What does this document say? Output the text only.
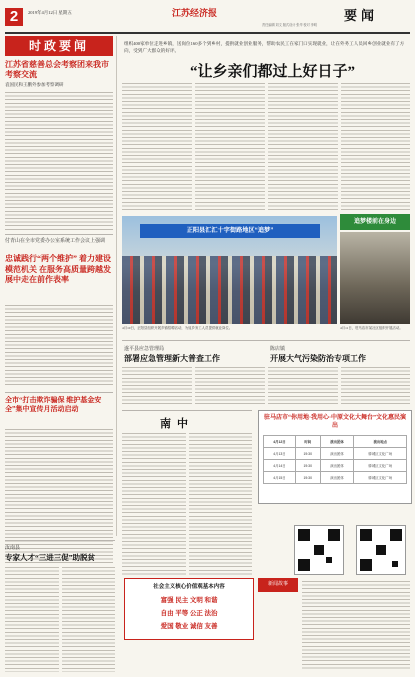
2	2019年4月12日 星期五	江苏经济报	要闻
责任编辑 刘文 版式设计 张华 校对 李明
时政要闻
江苏省慈善总会考察团来我市考察交流
袁国民和王鹏外参加考察调研
付青山在全市党委办公室系统工作会议上强调
忠诚践行“两个维护” 着力建设模范机关 在服务高质量跨越发展中走在前作表率
全市“打击欺诈骗保 维护基金安全”集中宣传月活动启动
组织400家单位走进乡镇，送岗位160多个到乡村，提供就业创业服务，帮助农民工在家门口实现就业，让在外务工人员回乡创业就业有了方向，受到广大群众的好评。
“让乡亲们都过上好日子”
追梦楼前在身边
正阳县汇汇十字街路地区“追梦”
4月10日，正阳县组织开展乡镇招聘活动，为返乡务工人员提供就业岗位。	4月11日，驻马店市某社区组织开展活动。
遂平县应急管理局
部署应急管理新大普查工作
陈店镇
开展大气污染防治专项工作
南中	驻马店市“你用地·我用心·中原文化大舞台”文化惠民演出
4月12日	时间	演出团体	演出地点
4月13日	19:30	演出团体	驿城区文化广场
4月14日	19:30	演出团体	驿城区文化广场
4月15日	19:30	演出团体	驿城区文化广场
新闻故事
社会主义核心价值观基本内容
富强 民主 文明 和谐
自由 平等 公正 法治
爱国 敬业 诚信 友善
汝南县
专家人才“三进三促”助脱贫
